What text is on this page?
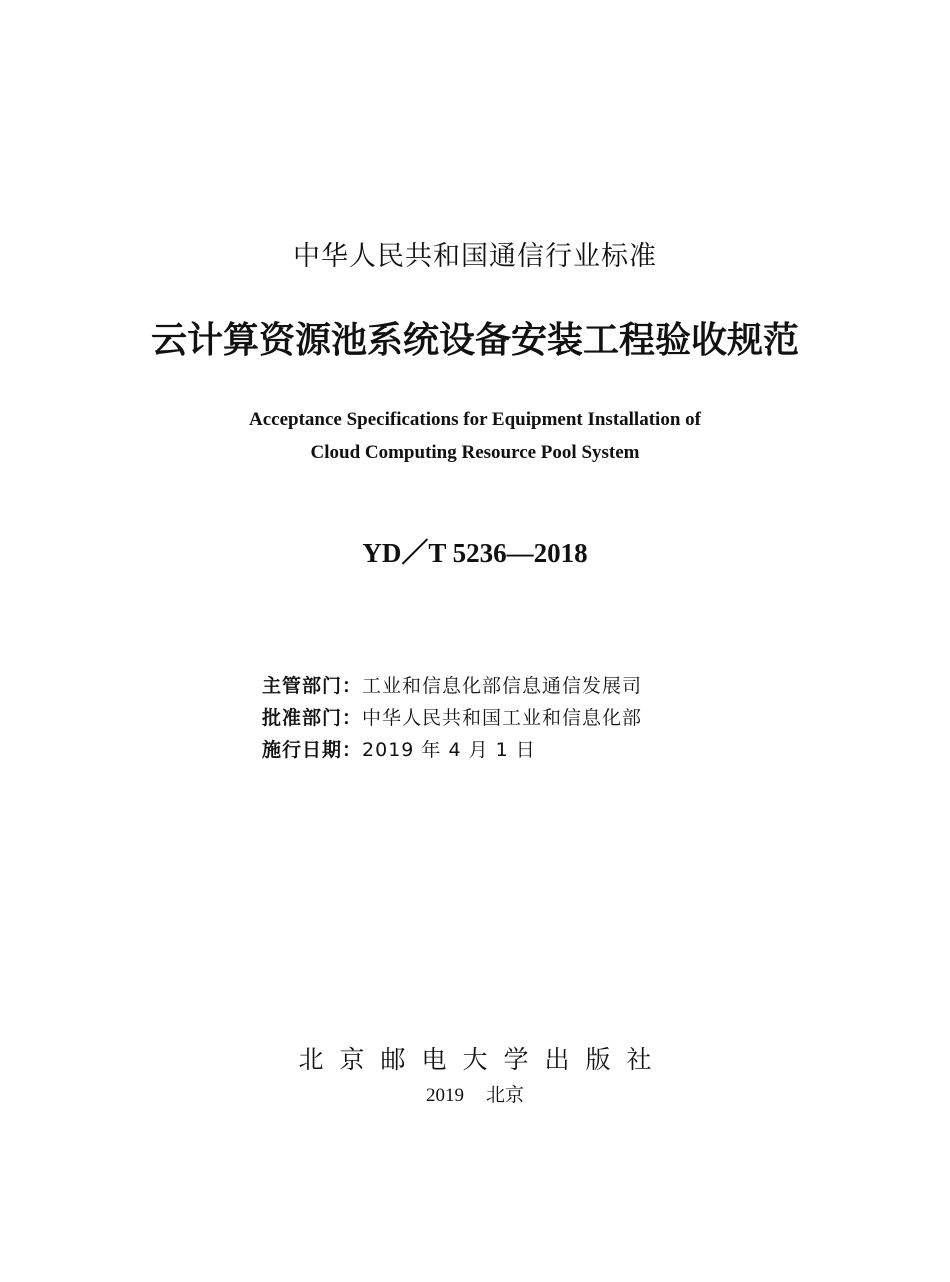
中华人民共和国通信行业标准
云计算资源池系统设备安装工程验收规范
Acceptance Specifications for Equipment Installation of
Cloud Computing Resource Pool System
YD／T 5236—2018
主管部门：工业和信息化部信息通信发展司
批准部门：中华人民共和国工业和信息化部
施行日期：2019 年 4 月 1 日
北京邮电大学出版社
2019 北京
